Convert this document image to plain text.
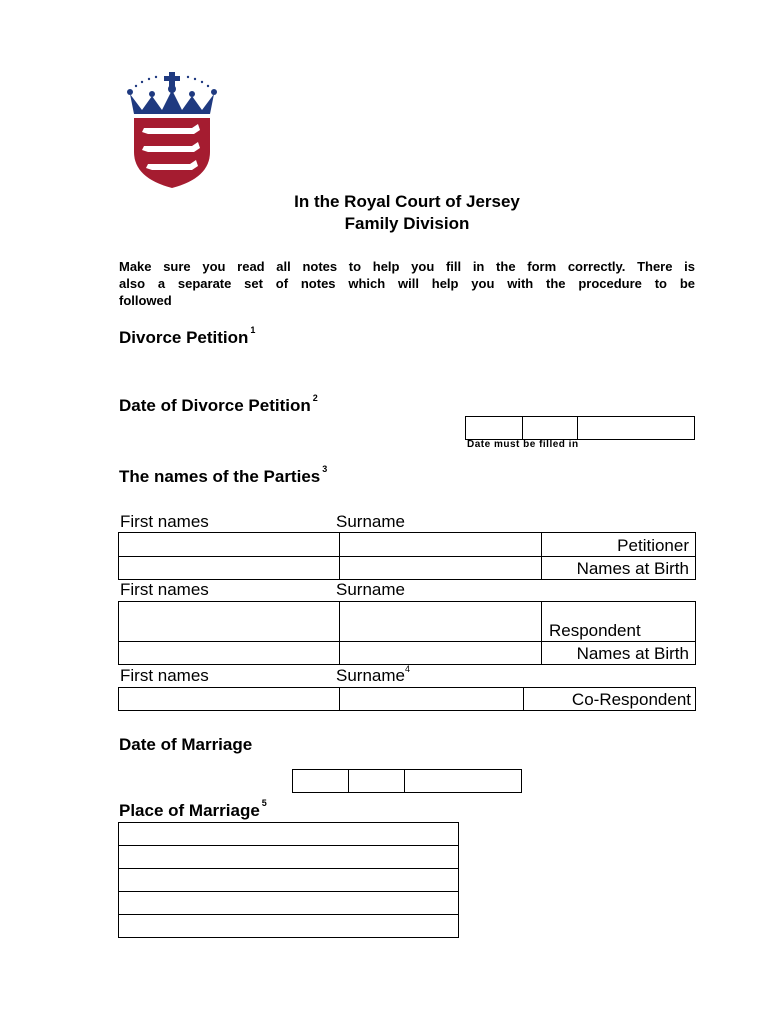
In the Royal Court of Jersey
Family Division
Make sure you read all notes to help you fill in the form correctly. There is
also a separate set of notes which will help you with the procedure to be
followed
Divorce Petition $^1$
Date of Divorce Petition $^2$
Date must be filled in
The names of the Parties $^3$
First names	Surname
Petitioner
Names at Birth
First names	Surname
Respondent
Names at Birth
First names	Surname$^4$
Co-Respondent
Date of Marriage
Place of Marriage $^5$
